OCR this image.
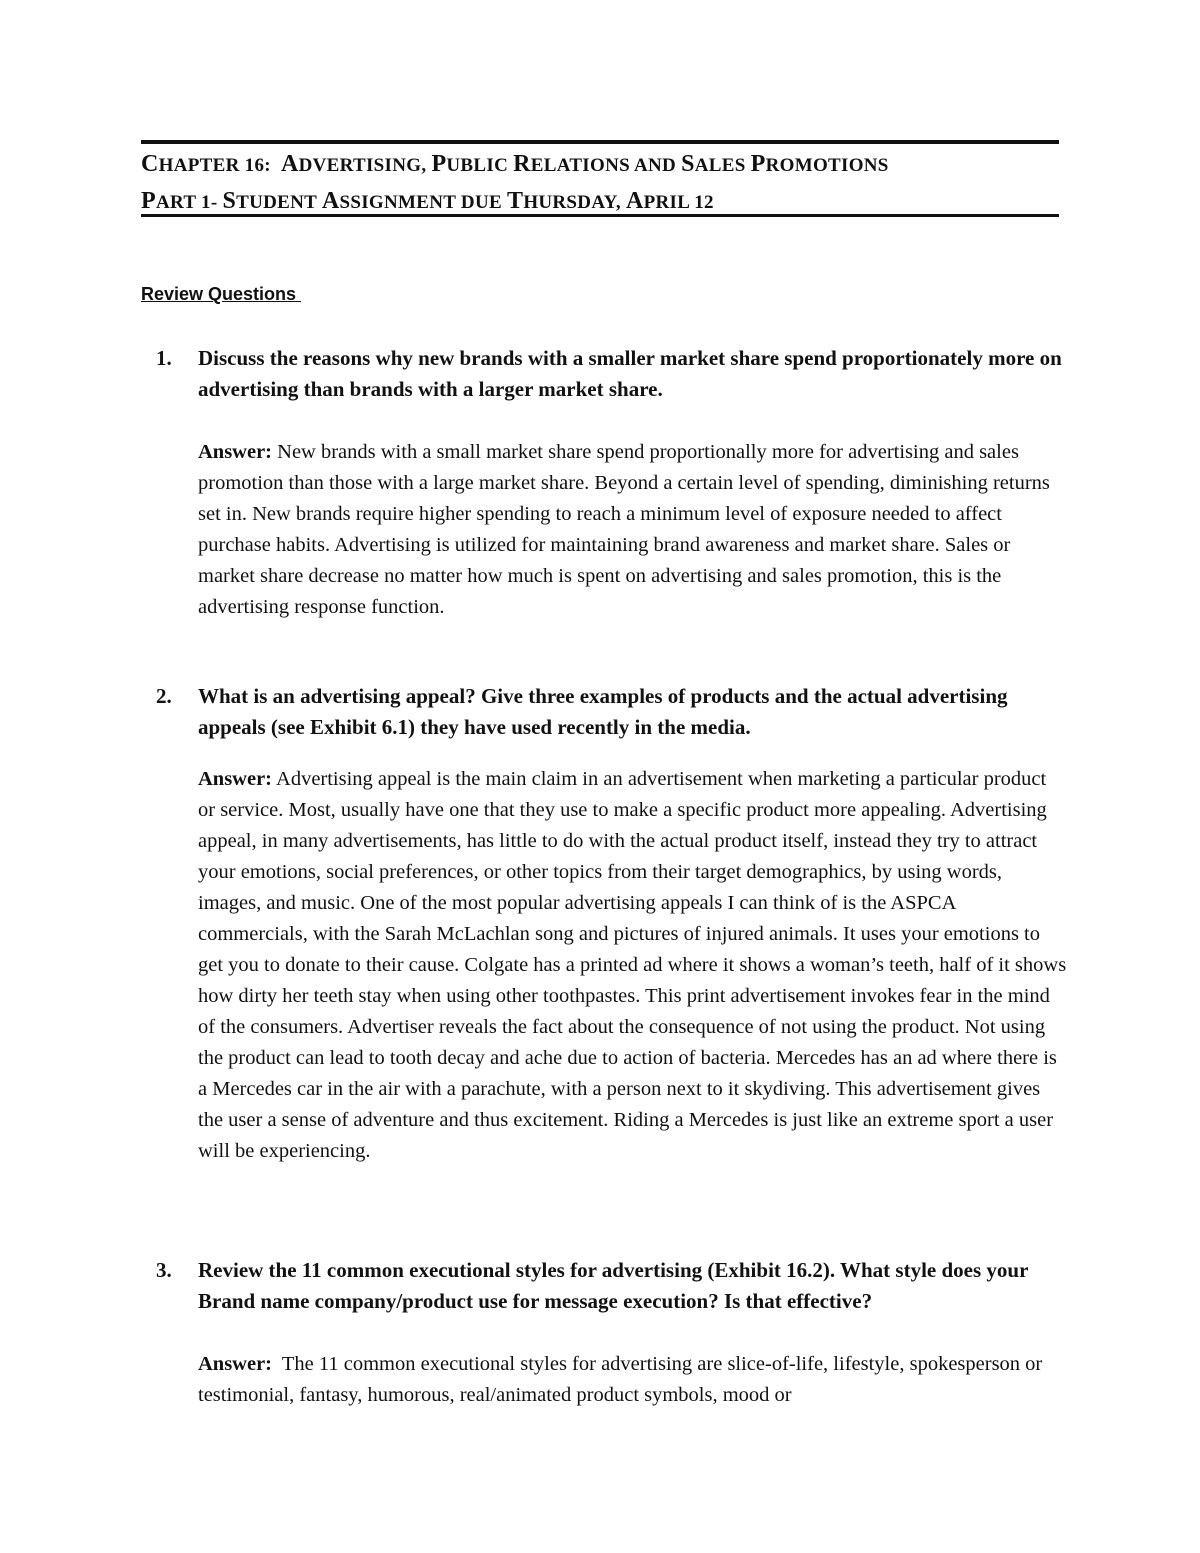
CHAPTER 16:  ADVERTISING, PUBLIC RELATIONS AND SALES PROMOTIONS
PART 1- STUDENT ASSIGNMENT DUE THURSDAY, APRIL 12
Review Questions
1. Discuss the reasons why new brands with a smaller market share spend proportionately more on advertising than brands with a larger market share.
Answer: New brands with a small market share spend proportionally more for advertising and sales promotion than those with a large market share. Beyond a certain level of spending, diminishing returns set in. New brands require higher spending to reach a minimum level of exposure needed to affect purchase habits. Advertising is utilized for maintaining brand awareness and market share. Sales or market share decrease no matter how much is spent on advertising and sales promotion, this is the advertising response function.
2. What is an advertising appeal? Give three examples of products and the actual advertising appeals (see Exhibit 6.1) they have used recently in the media.
Answer: Advertising appeal is the main claim in an advertisement when marketing a particular product or service. Most, usually have one that they use to make a specific product more appealing. Advertising appeal, in many advertisements, has little to do with the actual product itself, instead they try to attract your emotions, social preferences, or other topics from their target demographics, by using words, images, and music. One of the most popular advertising appeals I can think of is the ASPCA commercials, with the Sarah McLachlan song and pictures of injured animals. It uses your emotions to get you to donate to their cause. Colgate has a printed ad where it shows a woman’s teeth, half of it shows how dirty her teeth stay when using other toothpastes. This print advertisement invokes fear in the mind of the consumers. Advertiser reveals the fact about the consequence of not using the product. Not using the product can lead to tooth decay and ache due to action of bacteria. Mercedes has an ad where there is a Mercedes car in the air with a parachute, with a person next to it skydiving. This advertisement gives the user a sense of adventure and thus excitement. Riding a Mercedes is just like an extreme sport a user will be experiencing.
3. Review the 11 common executional styles for advertising (Exhibit 16.2). What style does your Brand name company/product use for message execution? Is that effective?
Answer:  The 11 common executional styles for advertising are slice-of-life, lifestyle, spokesperson or testimonial, fantasy, humorous, real/animated product symbols, mood or
